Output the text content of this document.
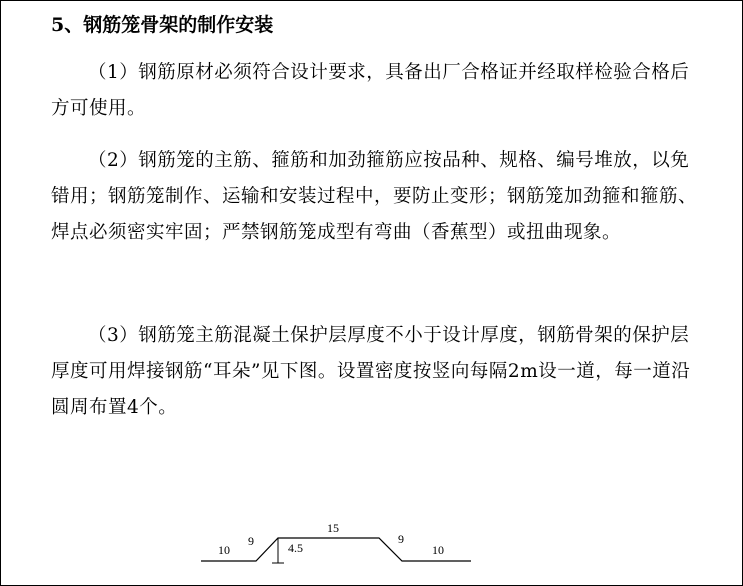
5、钢筋笼骨架的制作安装

（1）钢筋原材必须符合设计要求，具备出厂合格证并经取样检验合格后方可使用。

（2）钢筋笼的主筋、箍筋和加劲箍筋应按品种、规格、编号堆放，以免错用；钢筋笼制作、运输和安装过程中，要防止变形；钢筋笼加劲箍和箍筋、焊点必须密实牢固；严禁钢筋笼成型有弯曲（香蕉型）或扭曲现象。

（3）钢筋笼主筋混凝土保护层厚度不小于设计厚度，钢筋骨架的保护层厚度可用焊接钢筋“耳朵”见下图。设置密度按竖向每隔2m设一道，每一道沿圆周布置4个。

10
9	4.5
15
9
10
